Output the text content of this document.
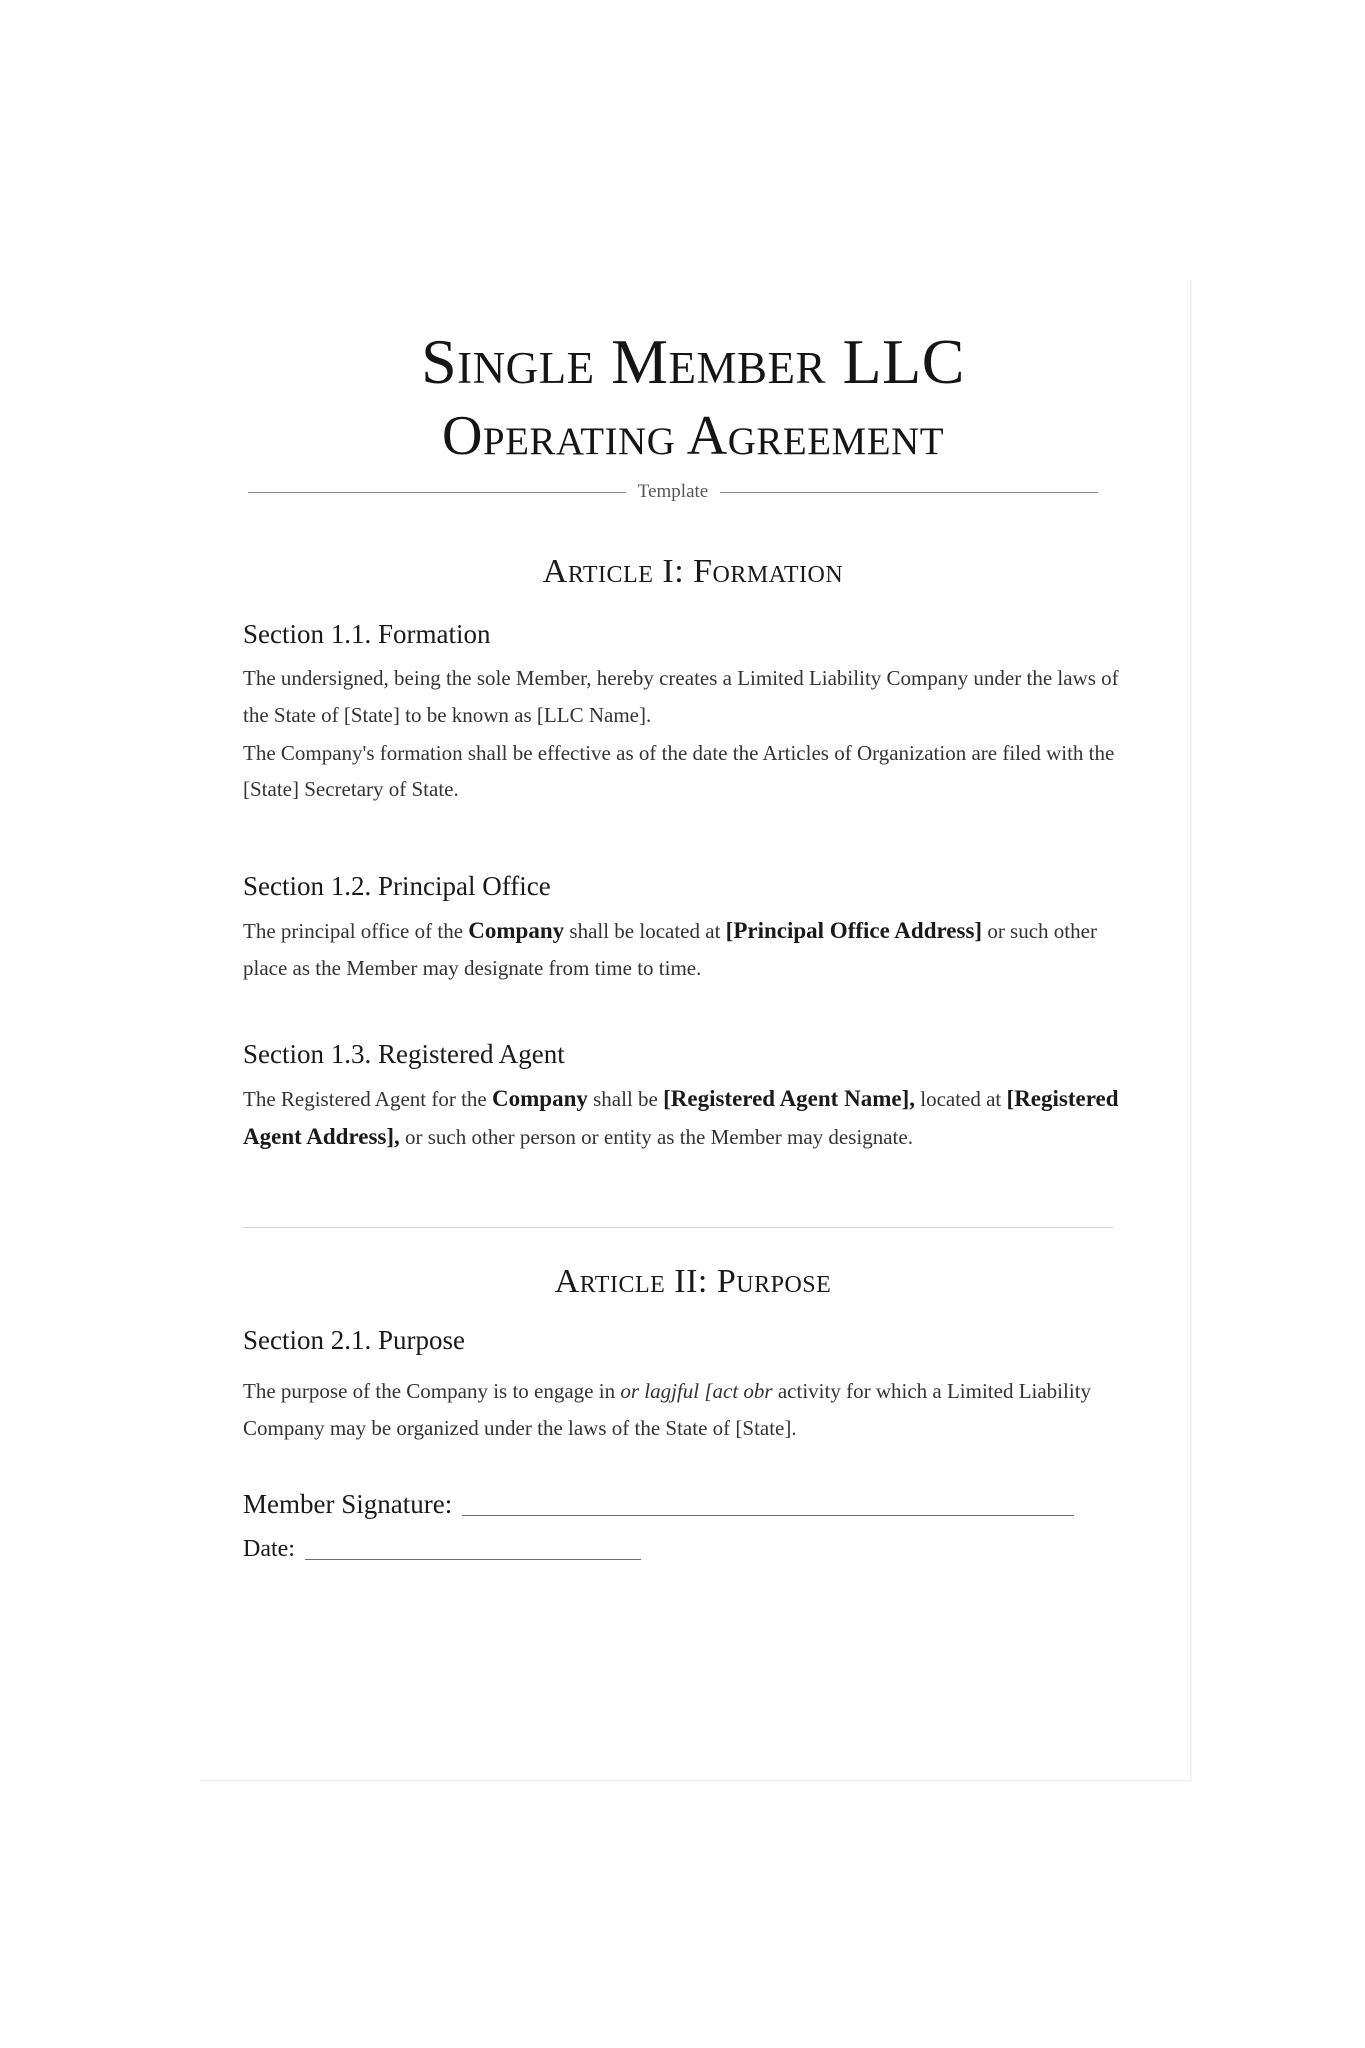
Single Member LLC
Operating Agreement
Template
Article I: Formation
Section 1.1. Formation
The undersigned, being the sole Member, hereby creates a Limited Liability Company under the laws of the State of [State] to be known as [LLC Name].
The Company's formation shall be effective as of the date the Articles of Organization are filed with the [State] Secretary of State.
Section 1.2. Principal Office
The principal office of the Company shall be located at [Principal Office Address] or such other place as the Member may designate from time to time.
Section 1.3. Registered Agent
The Registered Agent for the Company shall be [Registered Agent Name], located at [Registered Agent Address], or such other person or entity as the Member may designate.
Article II: Purpose
Section 2.1. Purpose
The purpose of the Company is to engage in or lagjful [act obr activity for which a Limited Liability Company may be organized under the laws of the State of [State].
Member Signature:
Date:
